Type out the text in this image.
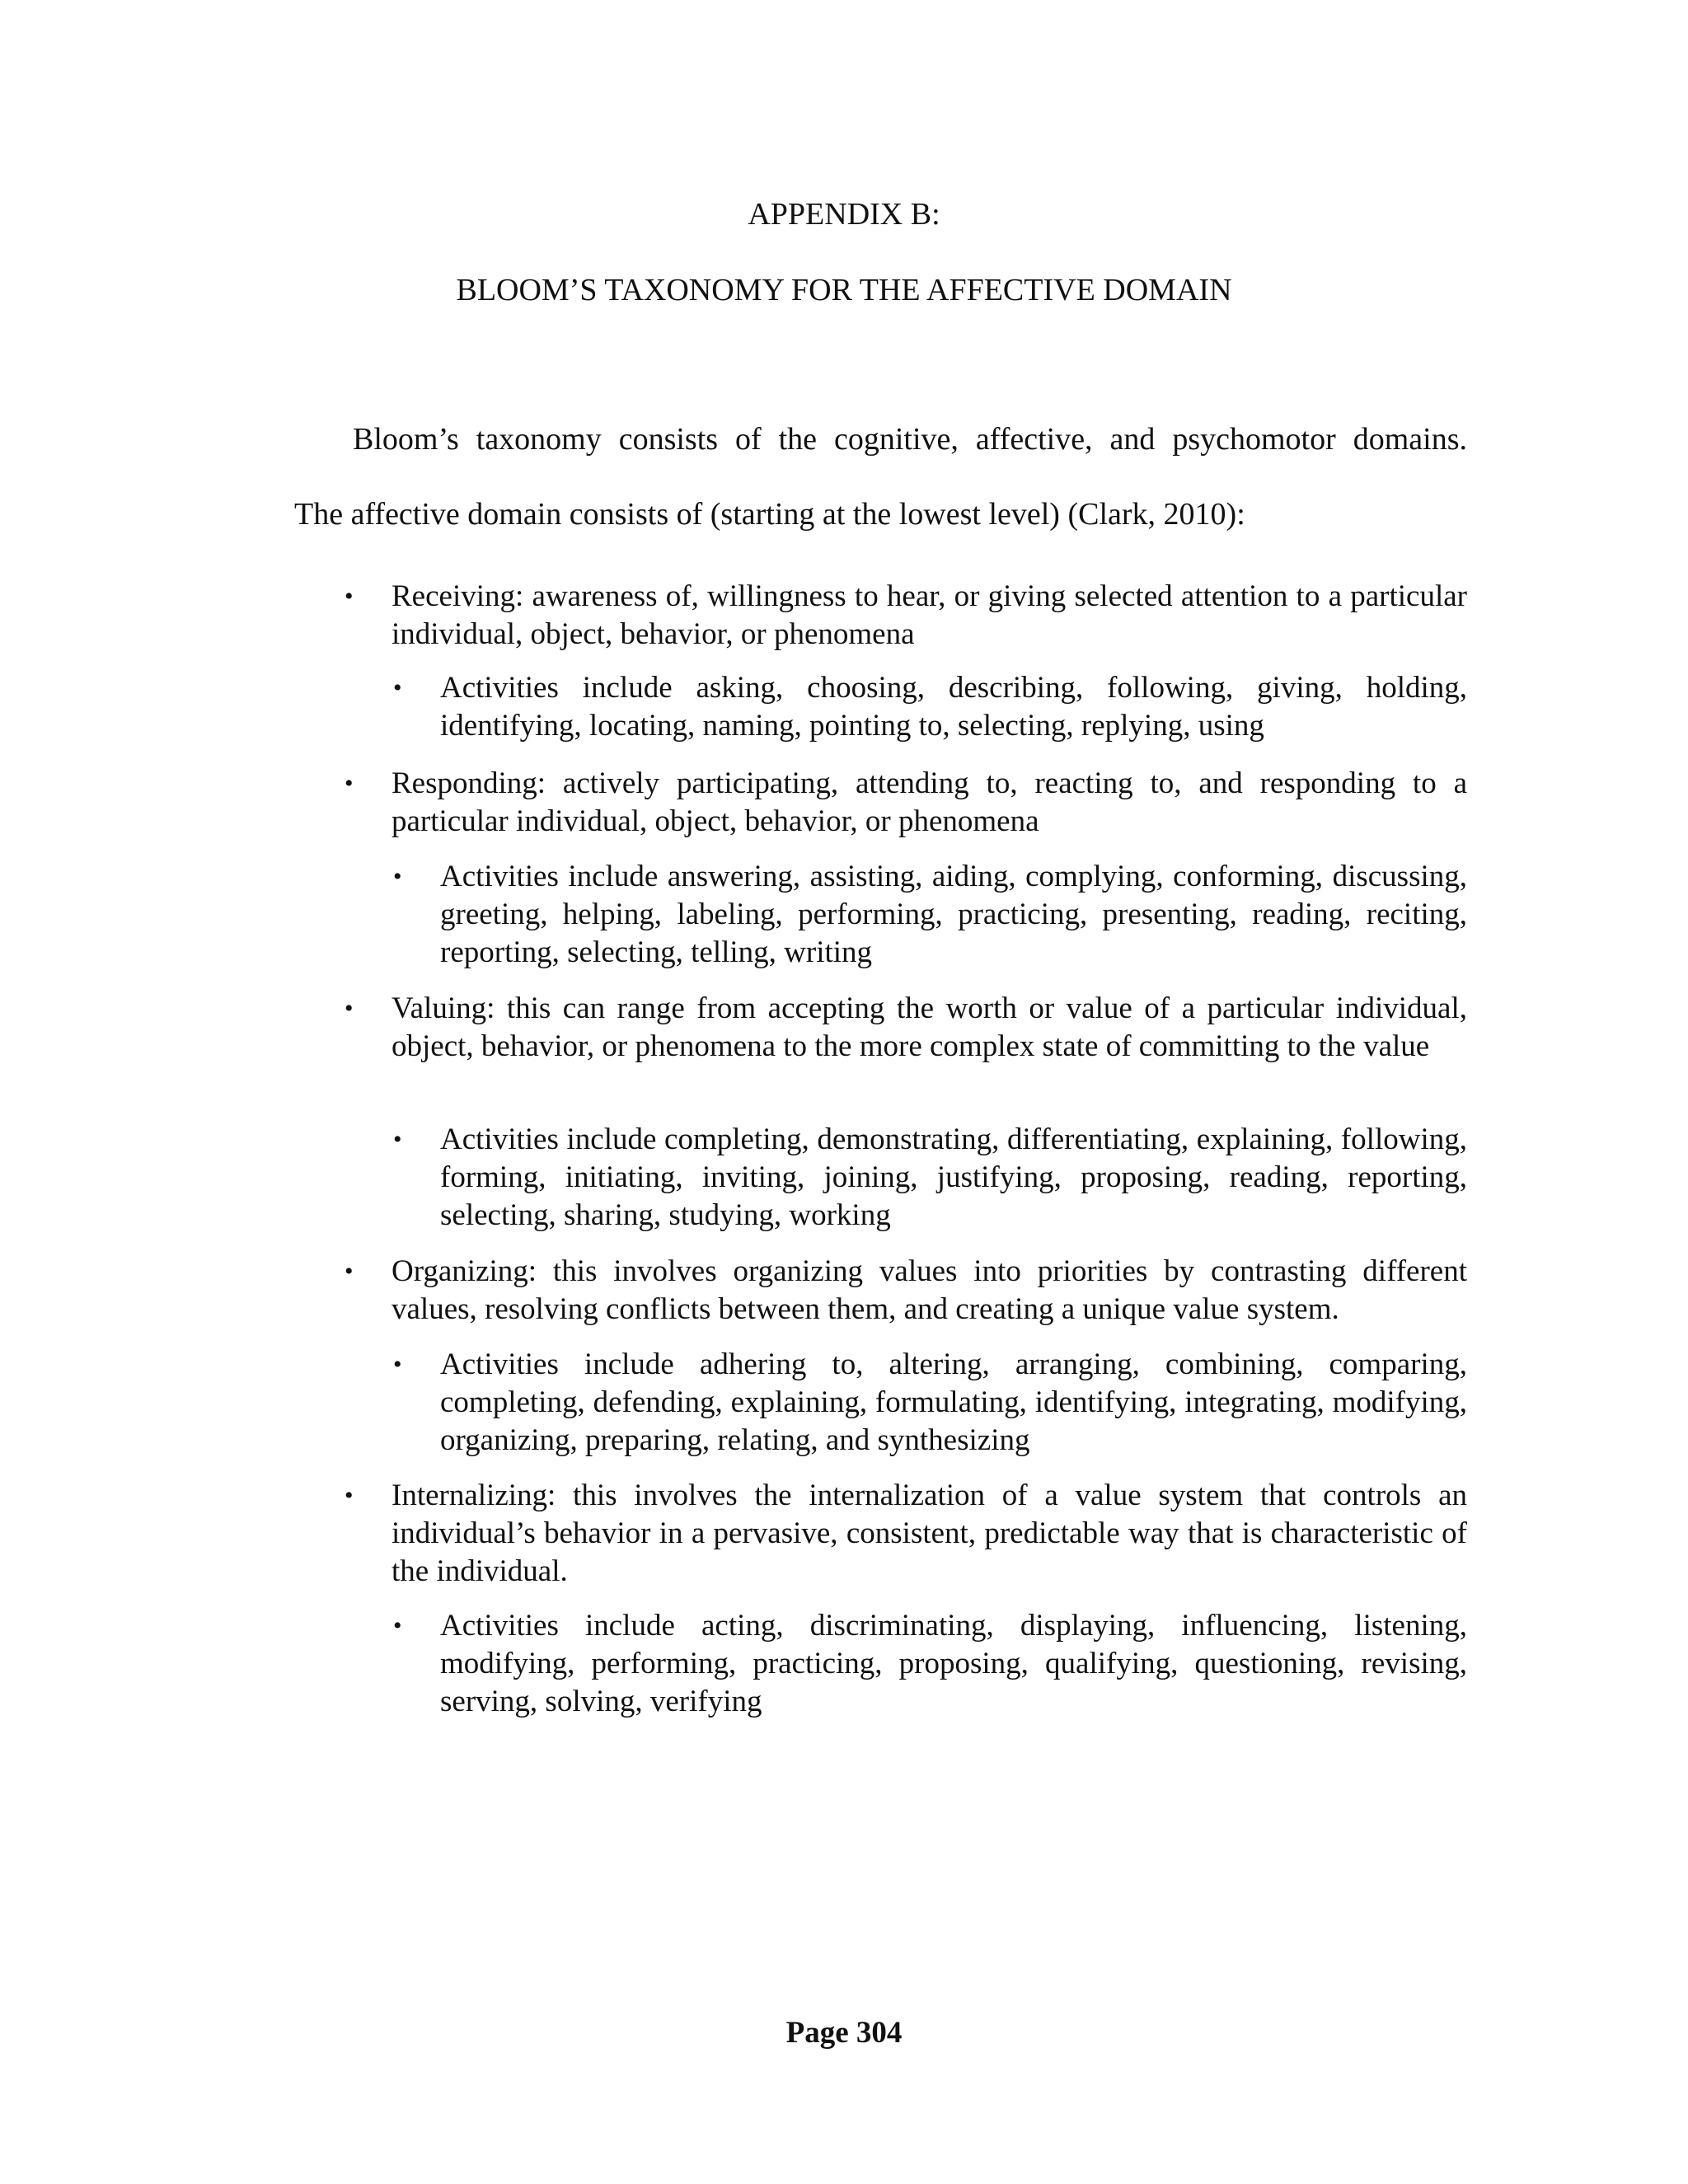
APPENDIX B:
BLOOM’S TAXONOMY FOR THE AFFECTIVE DOMAIN

Bloom’s taxonomy consists of the cognitive, affective, and psychomotor domains.

The affective domain consists of (starting at the lowest level) (Clark, 2010):

• Receiving: awareness of, willingness to hear, or giving selected attention to a particular individual, object, behavior, or phenomena
• Activities include asking, choosing, describing, following, giving, holding, identifying, locating, naming, pointing to, selecting, replying, using
• Responding: actively participating, attending to, reacting to, and responding to a particular individual, object, behavior, or phenomena
• Activities include answering, assisting, aiding, complying, conforming, discussing, greeting, helping, labeling, performing, practicing, presenting, reading, reciting, reporting, selecting, telling, writing
• Valuing: this can range from accepting the worth or value of a particular individual, object, behavior, or phenomena to the more complex state of committing to the value
• Activities include completing, demonstrating, differentiating, explaining, following, forming, initiating, inviting, joining, justifying, proposing, reading, reporting, selecting, sharing, studying, working
• Organizing: this involves organizing values into priorities by contrasting different values, resolving conflicts between them, and creating a unique value system.
• Activities include adhering to, altering, arranging, combining, comparing, completing, defending, explaining, formulating, identifying, integrating, modifying, organizing, preparing, relating, and synthesizing
• Internalizing: this involves the internalization of a value system that controls an individual’s behavior in a pervasive, consistent, predictable way that is characteristic of the individual.
• Activities include acting, discriminating, displaying, influencing, listening, modifying, performing, practicing, proposing, qualifying, questioning, revising, serving, solving, verifying
Page 304
